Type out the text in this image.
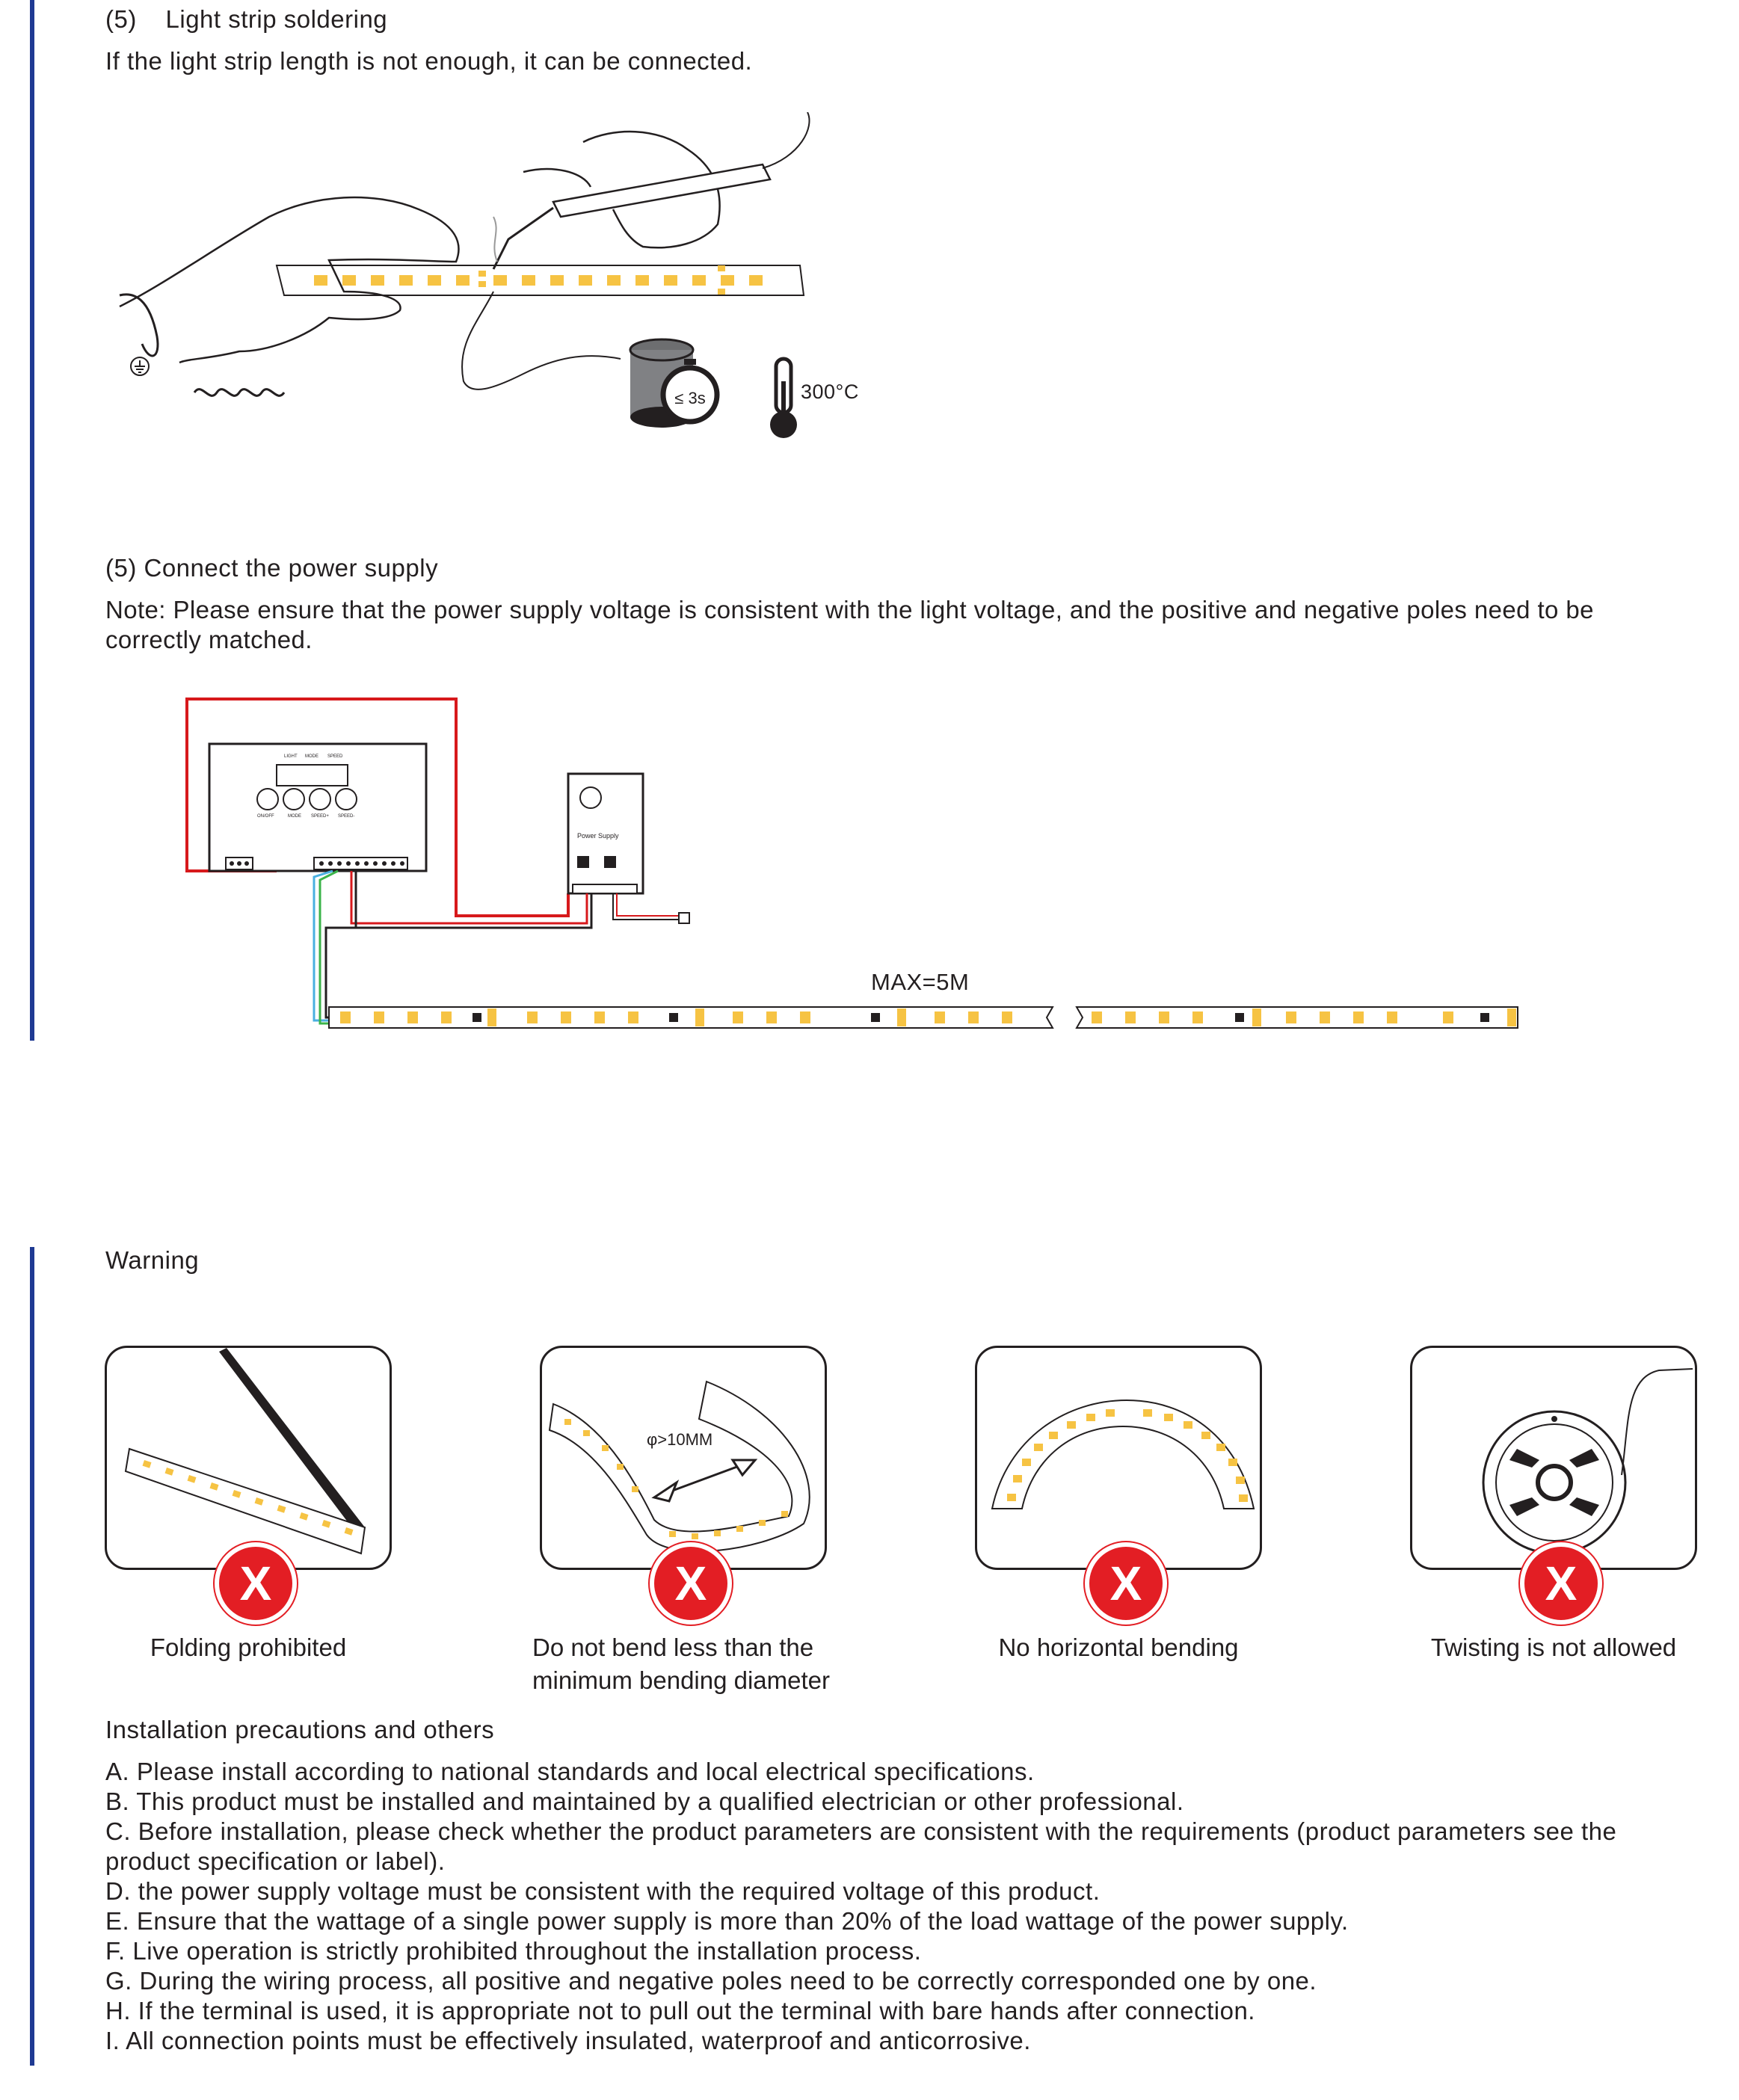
(5)    Light strip soldering
If the light strip length is not enough, it can be connected.
≤ 3s	300°C
(5) Connect the power supply
Note: Please ensure that the power supply voltage is consistent with the light voltage, and the positive and negative poles need to be correctly matched.
LIGHT MODE SPEED
ON/OFF	MODE SPEED+ SPEED-
Power Supply
MAX=5M
Warning
X
Folding prohibited
φ>10MM
X
Do not bend less than the minimum bending diameter
X
No horizontal bending
X
Twisting is not allowed
Installation precautions and others
A. Please install according to national standards and local electrical specifications.
B. This product must be installed and maintained by a qualified electrician or other professional.
C. Before installation, please check whether the product parameters are consistent with the requirements (product parameters see the product specification or label).
D. the power supply voltage must be consistent with the required voltage of this product.
E. Ensure that the wattage of a single power supply is more than 20% of the load wattage of the power supply.
F. Live operation is strictly prohibited throughout the installation process.
G. During the wiring process, all positive and negative poles need to be correctly corresponded one by one.
H. If the terminal is used, it is appropriate not to pull out the terminal with bare hands after connection.
I. All connection points must be effectively insulated, waterproof and anticorrosive.
